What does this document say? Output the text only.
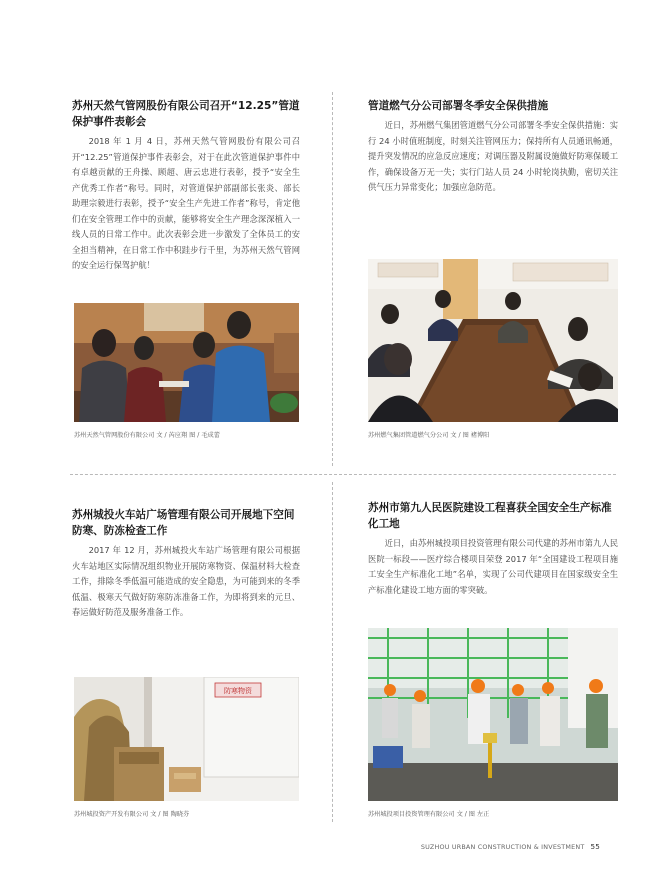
苏州天然气管网股份有限公司召开“12.25”管道保护事件表彰会
2018 年 1 月 4 日，苏州天然气管网股份有限公司召开“12.25”管道保护事件表彰会，对于在此次管道保护事件中有卓越贡献的王舟操、顾超、唐云忠进行表彰，授予“安全生产优秀工作者”称号。同时，对管道保护部副部长张炎、部长助理宗毅进行表彰，授予“安全生产先进工作者”称号，肯定他们在安全管理工作中的贡献，能够将安全生产理念深深植入一线人员的日常工作中。此次表彰会进一步激发了全体员工的安全担当精神，在日常工作中积跬步行千里，为苏州天然气管网的安全运行保驾护航！
苏州天然气管网股份有限公司 文 / 芮应翔 图 / 毛成蕾
管道燃气分公司部署冬季安全保供措施
近日，苏州燃气集团管道燃气分公司部署冬季安全保供措施：实行 24 小时值班制度，时刻关注管网压力；保持所有人员通讯畅通，提升突发情况的应急反应速度；对调压器及附属设施做好防寒保暖工作，确保设备万无一失；实行门站人员 24 小时轮岗执勤，密切关注供气压力异常变化；加强应急防范。
苏州燃气集团管道燃气分公司 文 / 图 褚博阳
苏州城投火车站广场管理有限公司开展地下空间防寒、防冻检查工作
2017 年 12 月，苏州城投火车站广场管理有限公司根据火车站地区实际情况组织物业开展防寒物资、保温材料大检查工作，排除冬季低温可能造成的安全隐患，为可能到来的冬季低温、极寒天气做好防寒防冻准备工作，为即将到来的元旦、春运做好防范及服务准备工作。
防寒物资
苏州城投资产开发有限公司 文 / 图 陶晓芬
苏州市第九人民医院建设工程喜获全国安全生产标准化工地
近日，由苏州城投项目投资管理有限公司代建的苏州市第九人民医院一标段——医疗综合楼项目荣登 2017 年“全国建设工程项目施工安全生产标准化工地”名单，实现了公司代建项目在国家级安全生产标准化建设工地方面的零突破。
苏州城投项目投资管理有限公司 文 / 图 左正
SUZHOU URBAN CONSTRUCTION & INVESTMENT 55
